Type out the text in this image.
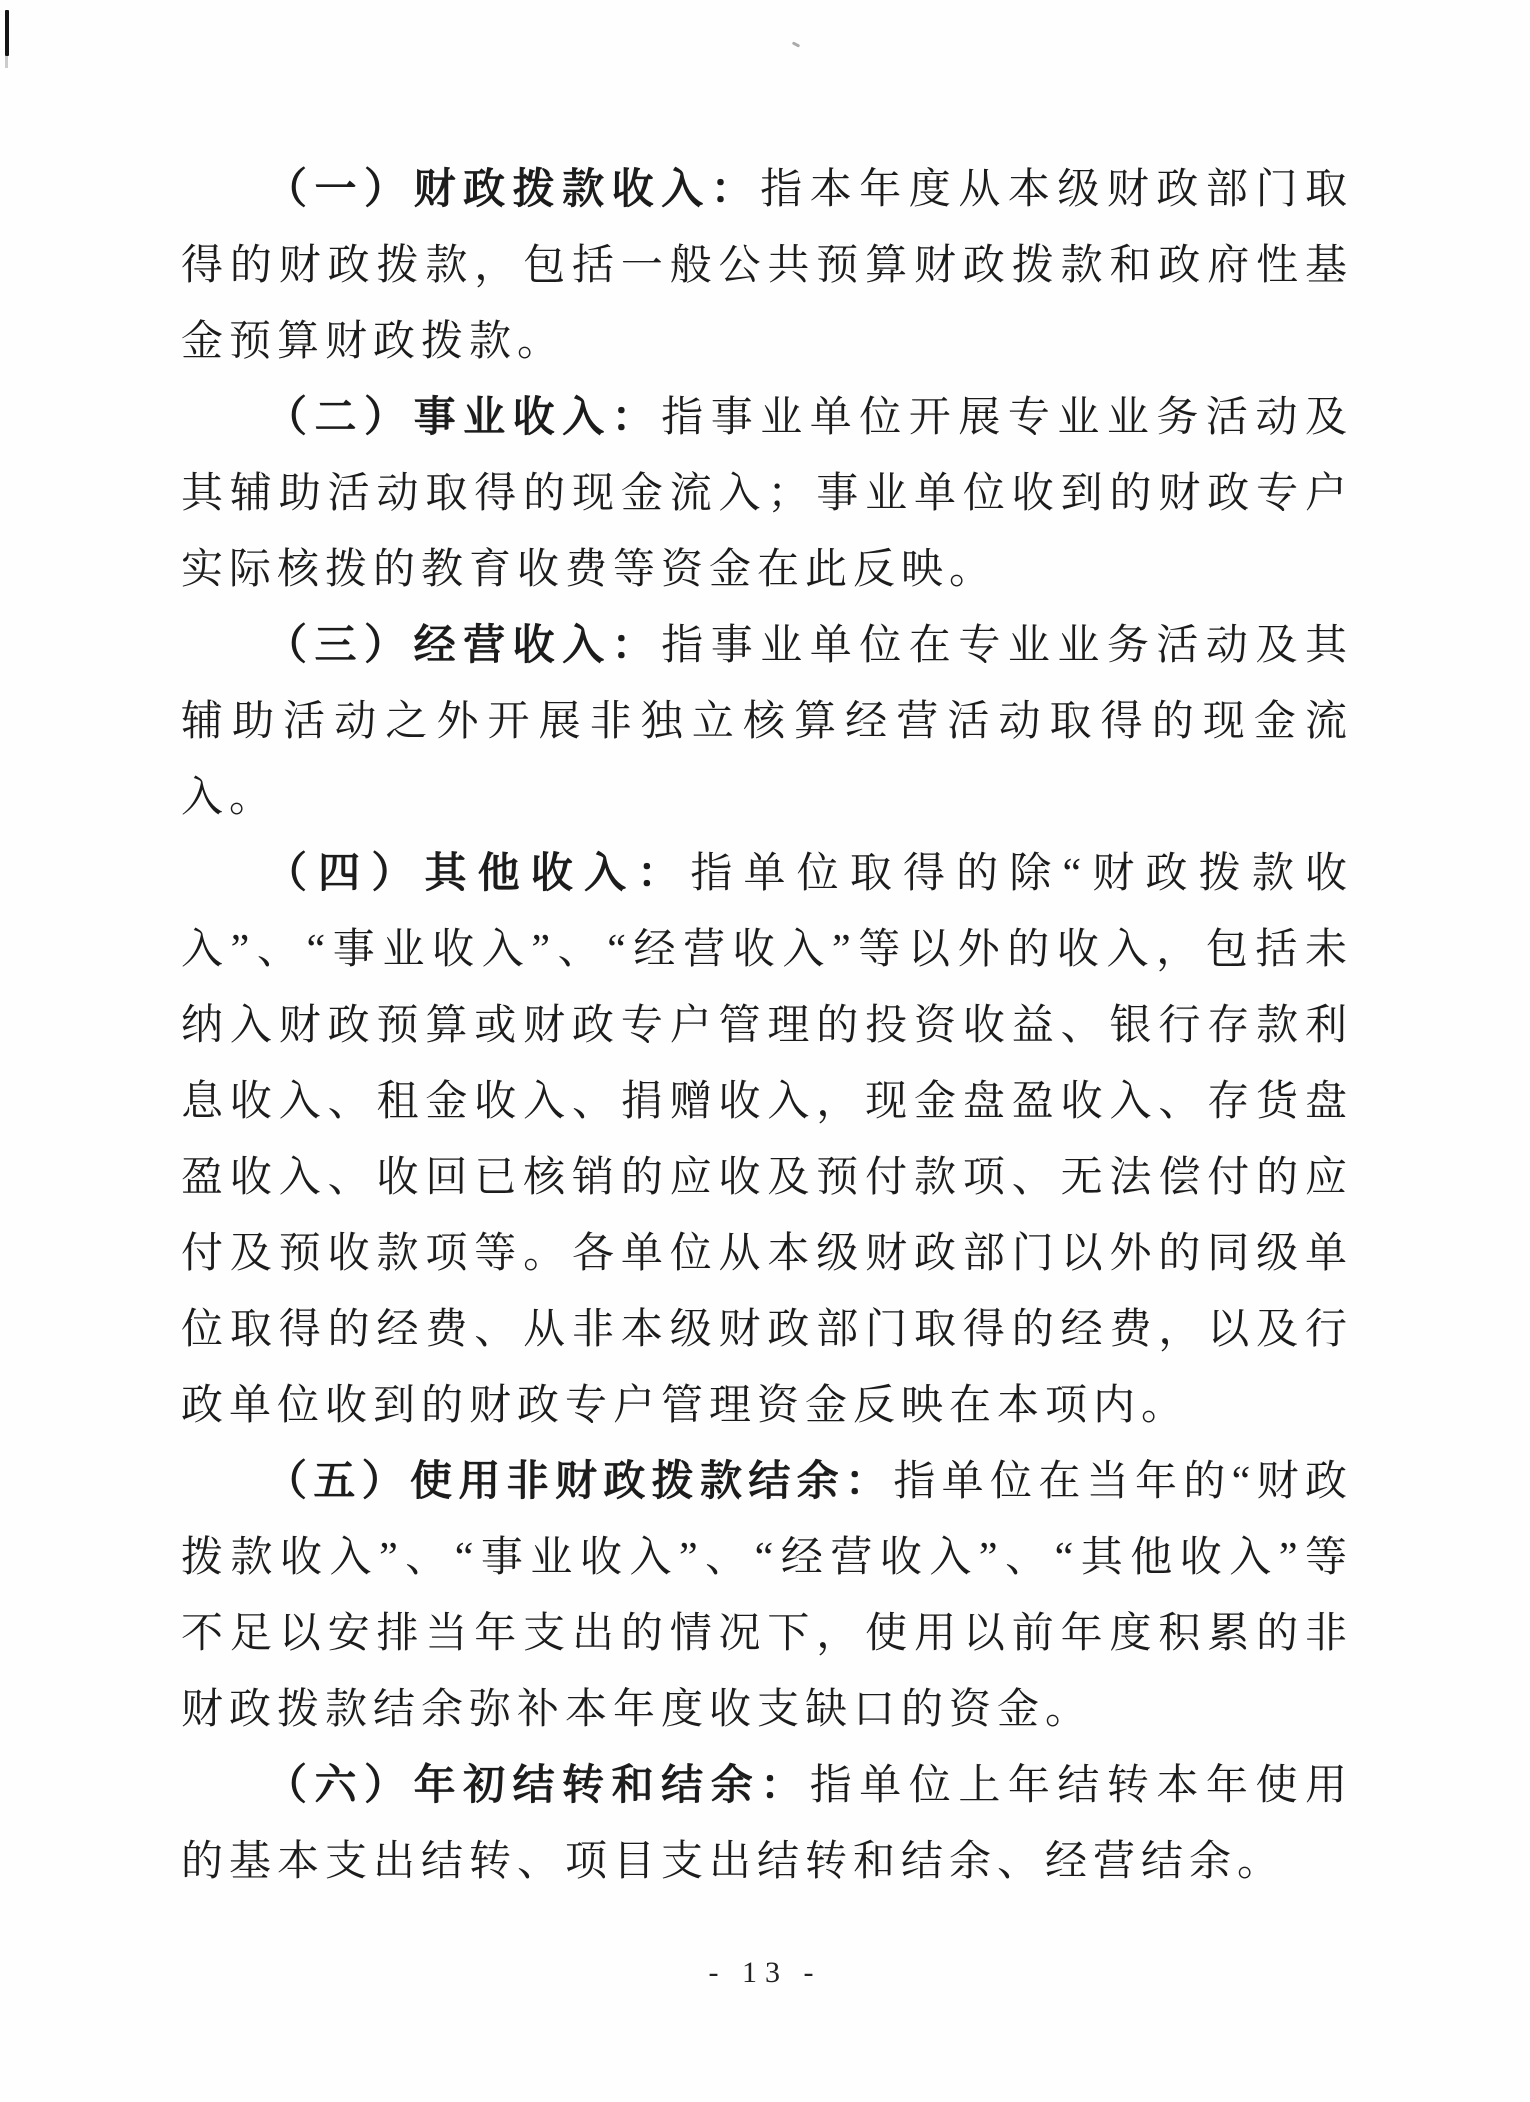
（一）财政拨款收入：指本年度从本级财政部门取得的财政拨款，包括一般公共预算财政拨款和政府性基金预算财政拨款。

（二）事业收入：指事业单位开展专业业务活动及其辅助活动取得的现金流入；事业单位收到的财政专户实际核拨的教育收费等资金在此反映。

（三）经营收入：指事业单位在专业业务活动及其辅助活动之外开展非独立核算经营活动取得的现金流入。

（四）其他收入：指单位取得的除“财政拨款收入”、“事业收入”、“经营收入”等以外的收入，包括未纳入财政预算或财政专户管理的投资收益、银行存款利息收入、租金收入、捐赠收入，现金盘盈收入、存货盘盈收入、收回已核销的应收及预付款项、无法偿付的应付及预收款项等。各单位从本级财政部门以外的同级单位取得的经费、从非本级财政部门取得的经费，以及行政单位收到的财政专户管理资金反映在本项内。

（五）使用非财政拨款结余：指单位在当年的“财政拨款收入”、“事业收入”、“经营收入”、“其他收入”等不足以安排当年支出的情况下，使用以前年度积累的非财政拨款结余弥补本年度收支缺口的资金。

（六）年初结转和结余：指单位上年结转本年使用的基本支出结转、项目支出结转和结余、经营结余。

- 13 -
